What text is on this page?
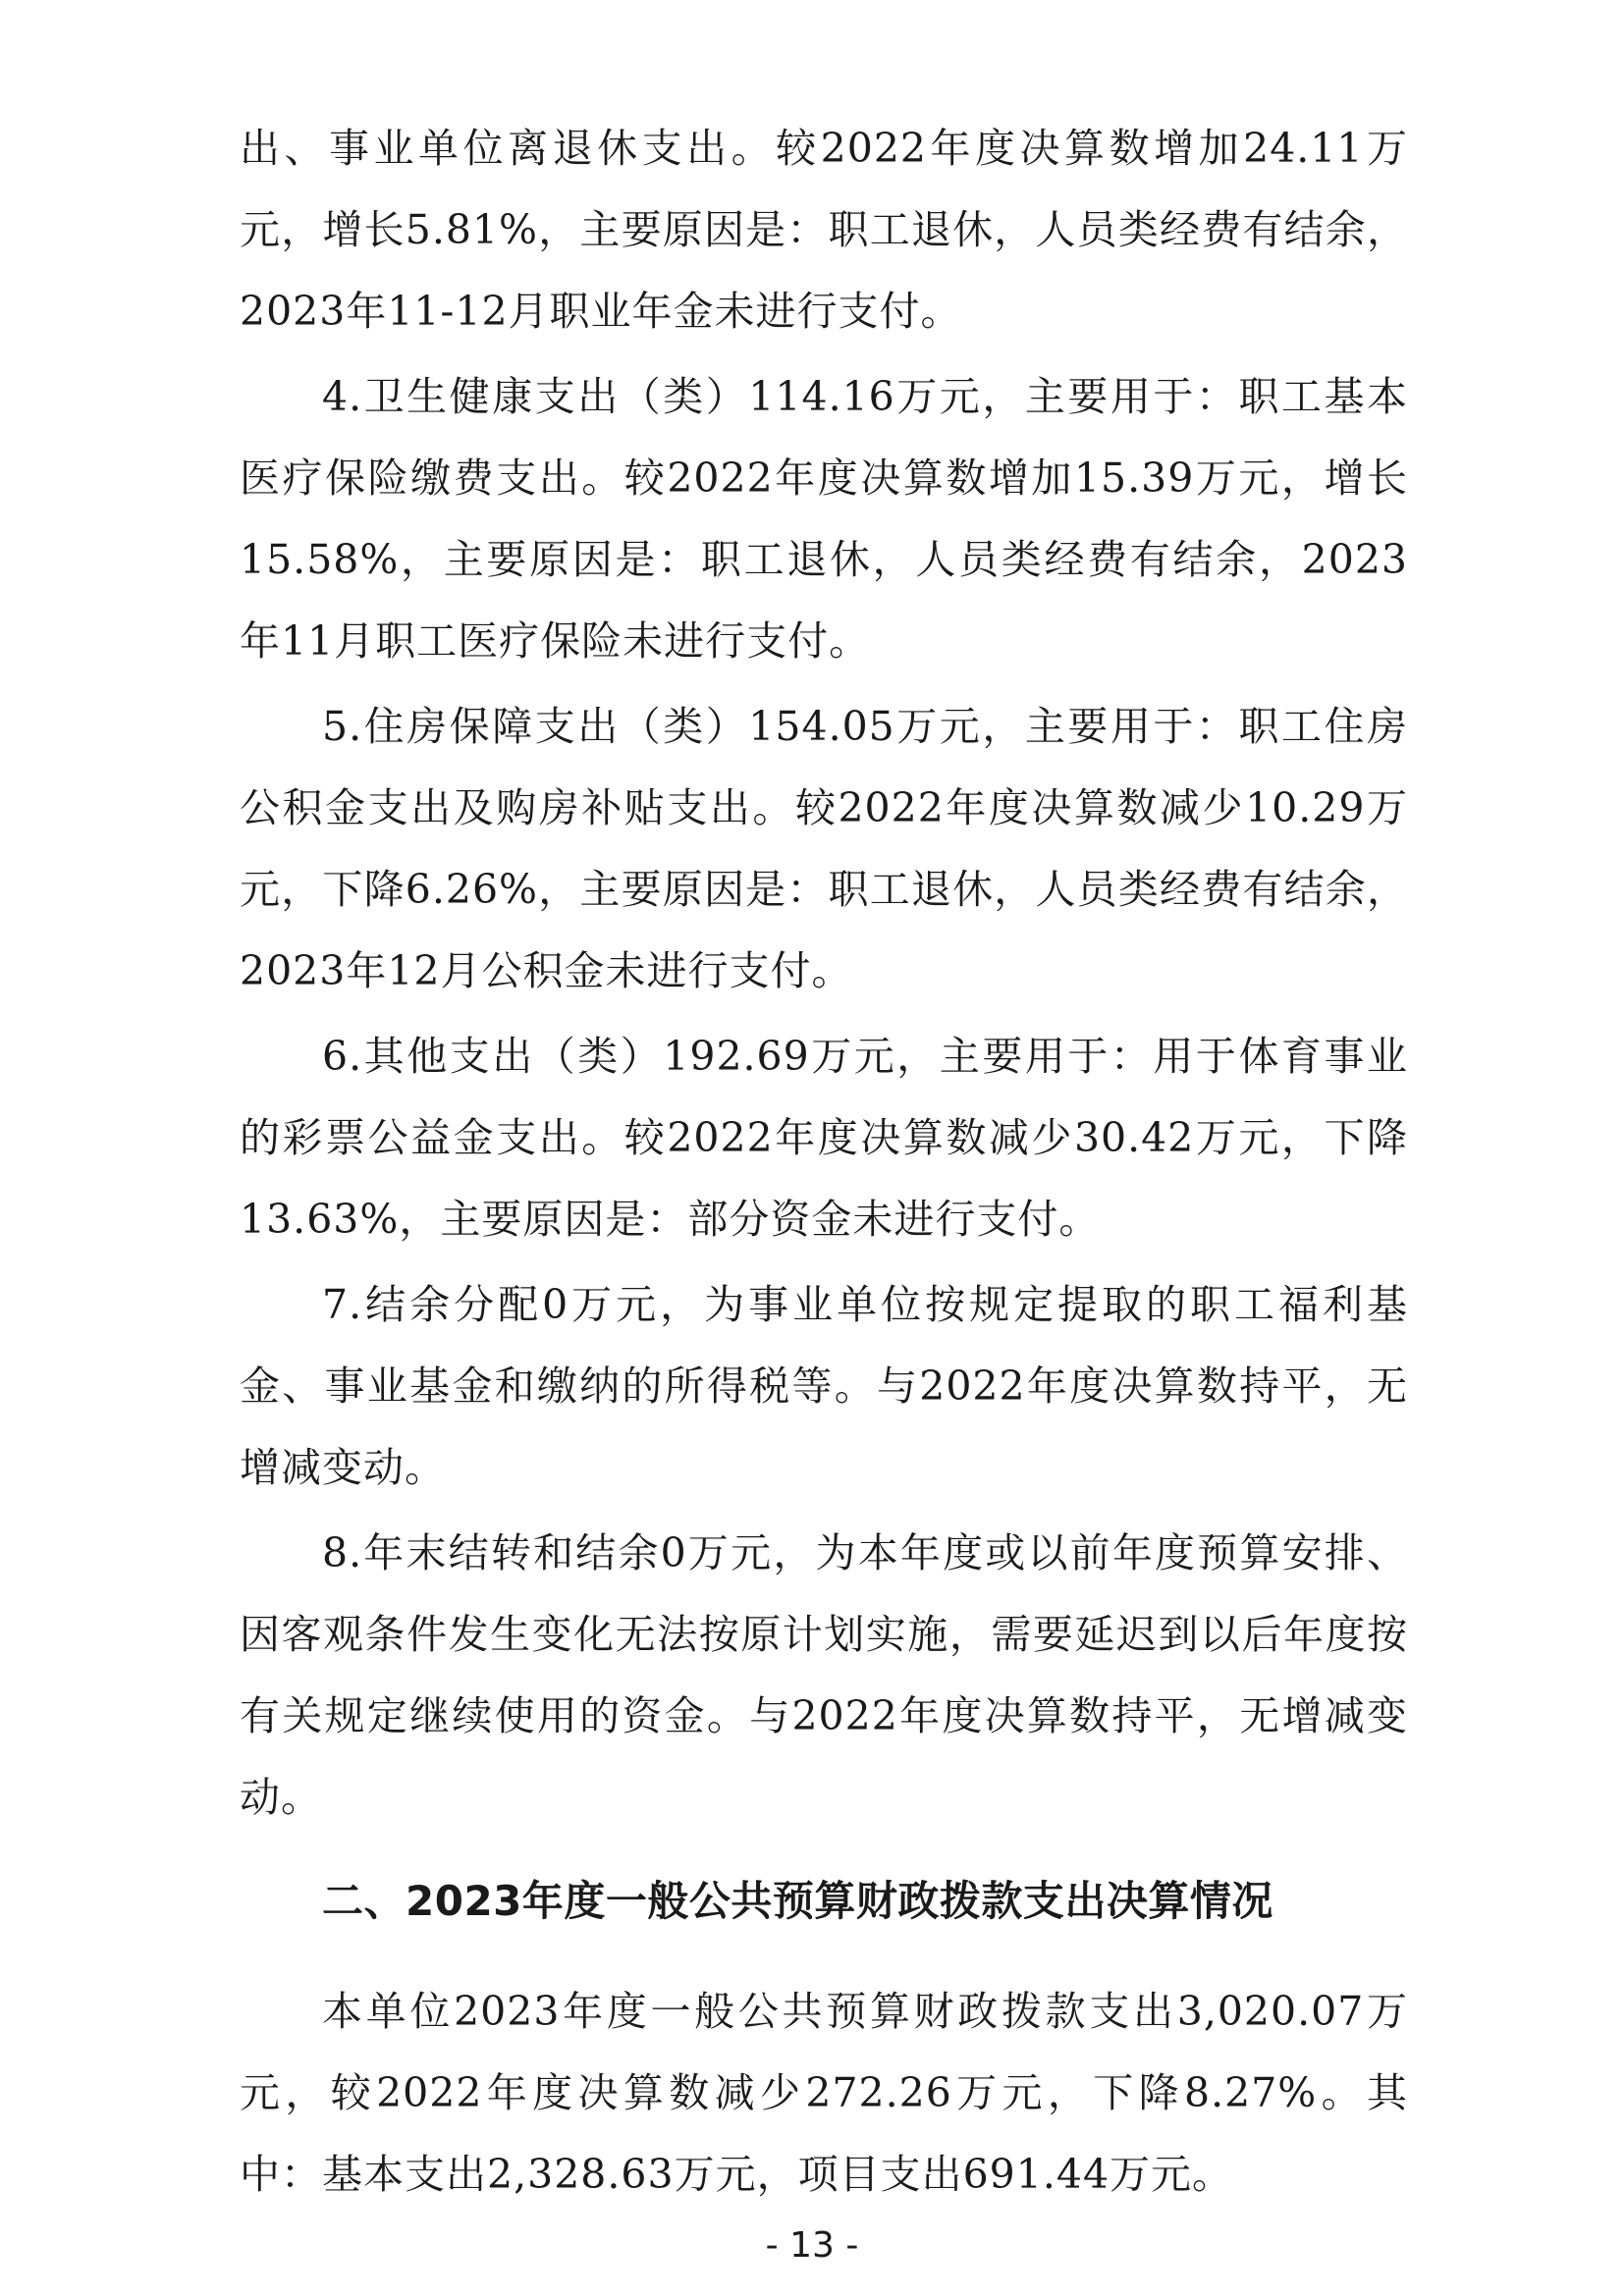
出、事业单位离退休支出。较2022年度决算数增加24.11万元，增长5.81%，主要原因是：职工退休，人员类经费有结余，2023年11-12月职业年金未进行支付。

4.卫生健康支出（类）114.16万元，主要用于：职工基本医疗保险缴费支出。较2022年度决算数增加15.39万元，增长15.58%，主要原因是：职工退休，人员类经费有结余，2023年11月职工医疗保险未进行支付。

5.住房保障支出（类）154.05万元，主要用于：职工住房公积金支出及购房补贴支出。较2022年度决算数减少10.29万元，下降6.26%，主要原因是：职工退休，人员类经费有结余，2023年12月公积金未进行支付。

6.其他支出（类）192.69万元，主要用于：用于体育事业的彩票公益金支出。较2022年度决算数减少30.42万元，下降13.63%，主要原因是：部分资金未进行支付。

7.结余分配0万元，为事业单位按规定提取的职工福利基金、事业基金和缴纳的所得税等。与2022年度决算数持平，无增减变动。

8.年末结转和结余0万元，为本年度或以前年度预算安排、因客观条件发生变化无法按原计划实施，需要延迟到以后年度按有关规定继续使用的资金。与2022年度决算数持平，无增减变动。

二、2023年度一般公共预算财政拨款支出决算情况

本单位2023年度一般公共预算财政拨款支出3,020.07万元，较2022年度决算数减少272.26万元，下降8.27%。其中：基本支出2,328.63万元，项目支出691.44万元。

- 13 -
